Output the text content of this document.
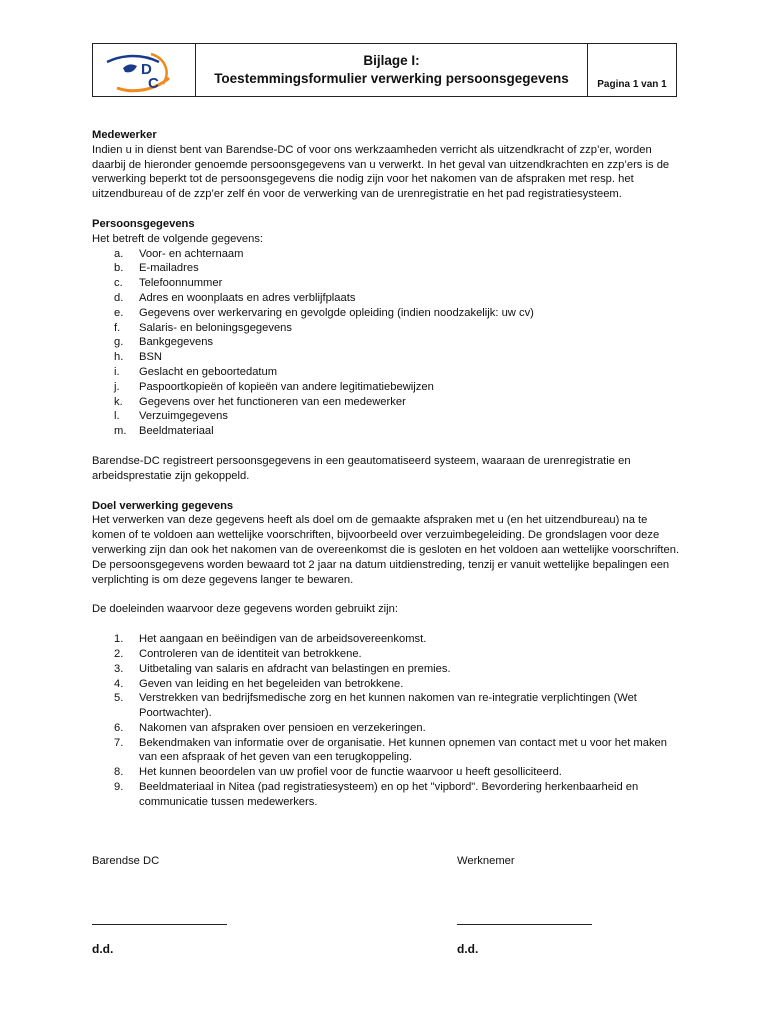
D
C
Bijlage I:
Toestemmingsformulier verwerking persoonsgegevens	Pagina 1 van 1

Medewerker

Indien u in dienst bent van Barendse-DC of voor ons werkzaamheden verricht als uitzendkracht of zzp’er, worden daarbij de hieronder genoemde persoonsgegevens van u verwerkt. In het geval van uitzendkrachten en zzp’ers is de verwerking beperkt tot de persoonsgegevens die nodig zijn voor het nakomen van de afspraken met resp. het uitzendbureau of de zzp’er zelf én voor de verwerking van de urenregistratie en het pad registratiesysteem.

Persoonsgegevens

Het betreft de volgende gegevens:

a. Voor- en achternaam
b. E-mailadres
c. Telefoonnummer
d. Adres en woonplaats en adres verblijfplaats
e. Gegevens over werkervaring en gevolgde opleiding (indien noodzakelijk: uw cv)
f. Salaris- en beloningsgegevens
g. Bankgegevens
h. BSN
i. Geslacht en geboortedatum
j. Paspoortkopieën of kopieën van andere legitimatiebewijzen
k. Gegevens over het functioneren van een medewerker
l. Verzuimgegevens
m. Beeldmateriaal

Barendse-DC registreert persoonsgegevens in een geautomatiseerd systeem, waaraan de urenregistratie en arbeidsprestatie zijn gekoppeld.

Doel verwerking gegevens

Het verwerken van deze gegevens heeft als doel om de gemaakte afspraken met u (en het uitzendbureau) na te komen of te voldoen aan wettelijke voorschriften, bijvoorbeeld over verzuimbegeleiding. De grondslagen voor deze verwerking zijn dan ook het nakomen van de overeenkomst die is gesloten en het voldoen aan wettelijke voorschriften. De persoonsgegevens worden bewaard tot 2 jaar na datum uitdienstreding, tenzij er vanuit wettelijke bepalingen een verplichting is om deze gegevens langer te bewaren.

De doeleinden waarvoor deze gegevens worden gebruikt zijn:

1. Het aangaan en beëindigen van de arbeidsovereenkomst.
2. Controleren van de identiteit van betrokkene.
3. Uitbetaling van salaris en afdracht van belastingen en premies.
4. Geven van leiding en het begeleiden van betrokkene.
5. Verstrekken van bedrijfsmedische zorg en het kunnen nakomen van re-integratie verplichtingen (Wet Poortwachter).
6. Nakomen van afspraken over pensioen en verzekeringen.
7. Bekendmaken van informatie over de organisatie. Het kunnen opnemen van contact met u voor het maken van een afspraak of het geven van een terugkoppeling.
8. Het kunnen beoordelen van uw profiel voor de functie waarvoor u heeft gesolliciteerd.
9. Beeldmateriaal in Nitea (pad registratiesysteem) en op het "vipbord". Bevordering herkenbaarheid en communicatie tussen medewerkers.
Barendse DC	Werknemer
d.d.	d.d.
